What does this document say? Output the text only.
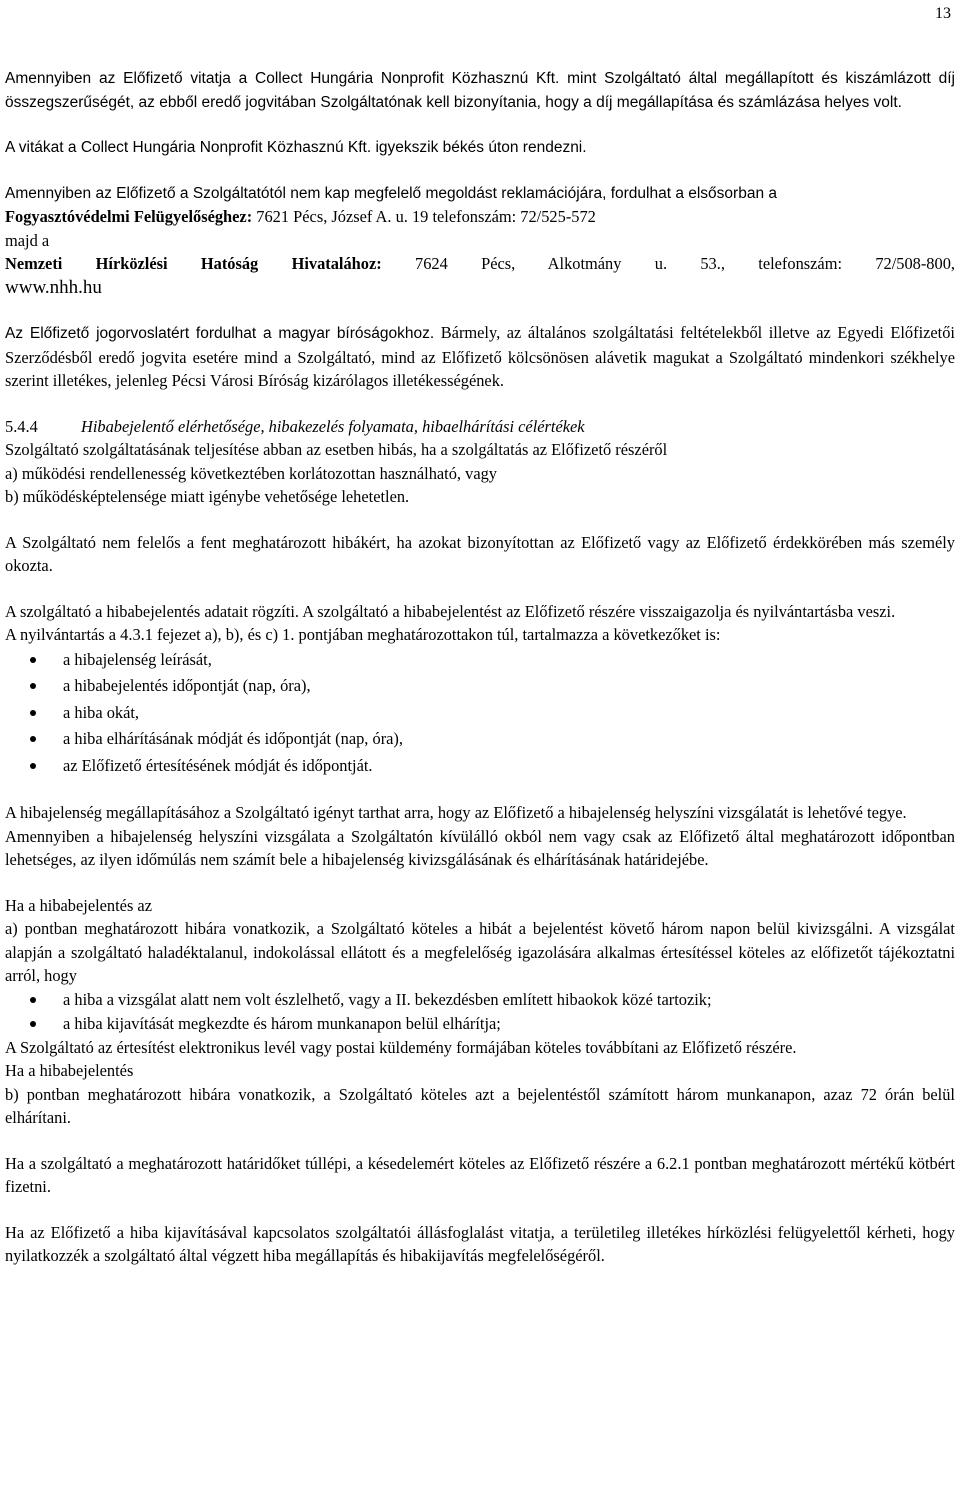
13

Amennyiben az Előfizető vitatja a Collect Hungária Nonprofit Közhasznú Kft. mint Szolgáltató által megállapított és kiszámlázott díj összegszerűségét, az ebből eredő jogvitában Szolgáltatónak kell bizonyítania, hogy a díj megállapítása és számlázása helyes volt.

A vitákat a Collect Hungária Nonprofit Közhasznú Kft. igyekszik békés úton rendezni.

Amennyiben az Előfizető a Szolgáltatótól nem kap megfelelő megoldást reklamációjára, fordulhat a elsősorban a

Fogyasztóvédelmi Felügyelőséghez: 7621 Pécs, József A. u. 19 telefonszám: 72/525-572

majd a

Nemzeti Hírközlési Hatóság Hivatalához: 7624 Pécs, Alkotmány u. 53., telefonszám: 72/508-800,

www.nhh.hu

Az Előfizető jogorvoslatért fordulhat a magyar bíróságokhoz. Bármely, az általános szolgáltatási feltételekből illetve az Egyedi Előfizetői Szerződésből eredő jogvita esetére mind a Szolgáltató, mind az Előfizető kölcsönösen alávetik magukat a Szolgáltató mindenkori székhelye szerint illetékes, jelenleg Pécsi Városi Bíróság kizárólagos illetékességének.

5.4.4	Hibabejelentő elérhetősége, hibakezelés folyamata, hibaelhárítási célértékek

Szolgáltató szolgáltatásának teljesítése abban az esetben hibás, ha a szolgáltatás az Előfizető részéről

a) működési rendellenesség következtében korlátozottan használható, vagy

b) működésképtelensége miatt igénybe vehetősége lehetetlen.

A Szolgáltató nem felelős a fent meghatározott hibákért, ha azokat bizonyítottan az Előfizető vagy az Előfizető érdekkörében más személy okozta.

A szolgáltató a hibabejelentés adatait rögzíti. A szolgáltató a hibabejelentést az Előfizető részére visszaigazolja és nyilvántartásba veszi.

A nyilvántartás a 4.3.1 fejezet a), b), és c) 1. pontjában meghatározottakon túl, tartalmazza a következőket is:

a hibajelenség leírását,
a hibabejelentés időpontját (nap, óra),
a hiba okát,
a hiba elhárításának módját és időpontját (nap, óra),
az Előfizető értesítésének módját és időpontját.

A hibajelenség megállapításához a Szolgáltató igényt tarthat arra, hogy az Előfizető a hibajelenség helyszíni vizsgálatát is lehetővé tegye.

Amennyiben a hibajelenség helyszíni vizsgálata a Szolgáltatón kívülálló okból nem vagy csak az Előfizető által meghatározott időpontban lehetséges, az ilyen időmúlás nem számít bele a hibajelenség kivizsgálásának és elhárításának határidejébe.

Ha a hibabejelentés az

a) pontban meghatározott hibára vonatkozik, a Szolgáltató köteles a hibát a bejelentést követő három napon belül kivizsgálni. A vizsgálat alapján a szolgáltató haladéktalanul, indokolással ellátott és a megfelelőség igazolására alkalmas értesítéssel köteles az előfizetőt tájékoztatni arról, hogy

a hiba a vizsgálat alatt nem volt észlelhető, vagy a II. bekezdésben említett hibaokok közé tartozik;
a hiba kijavítását megkezdte és három munkanapon belül elhárítja;

A Szolgáltató az értesítést elektronikus levél vagy postai küldemény formájában köteles továbbítani az Előfizető részére.

Ha a hibabejelentés

b) pontban meghatározott hibára vonatkozik, a Szolgáltató köteles azt a bejelentéstől számított három munkanapon, azaz 72 órán belül elhárítani.

Ha a szolgáltató a meghatározott határidőket túllépi, a késedelemért köteles az Előfizető részére a 6.2.1 pontban meghatározott mértékű kötbért fizetni.

Ha az Előfizető a hiba kijavításával kapcsolatos szolgáltatói állásfoglalást vitatja, a területileg illetékes hírközlési felügyelettől kérheti, hogy nyilatkozzék a szolgáltató által végzett hiba megállapítás és hibakijavítás megfelelőségéről.
